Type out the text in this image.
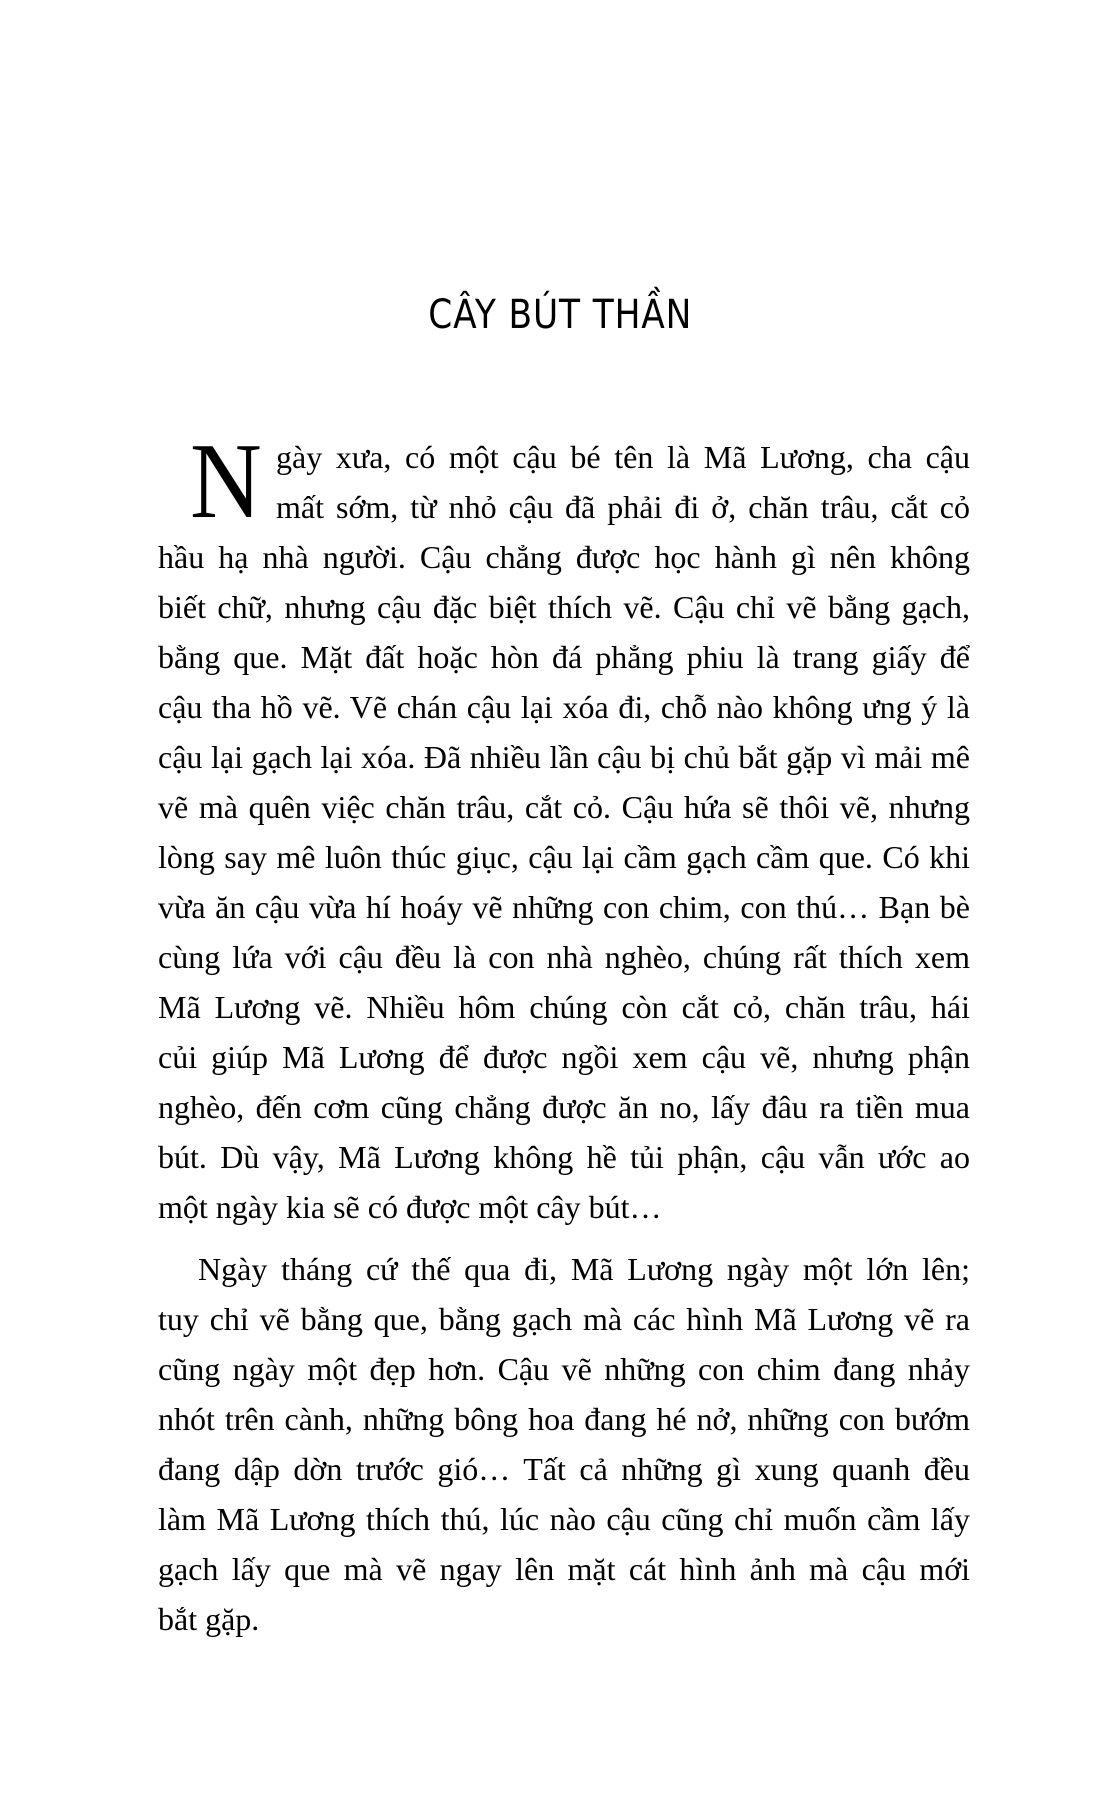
CÂY BÚT THẦN
N gày xưa, có một cậu bé tên là Mã Lương, cha cậu
mất sớm, từ nhỏ cậu đã phải đi ở, chăn trâu, cắt cỏ
hầu hạ nhà người. Cậu chẳng được học hành gì nên không
biết chữ, nhưng cậu đặc biệt thích vẽ. Cậu chỉ vẽ bằng gạch,
bằng que. Mặt đất hoặc hòn đá phẳng phiu là trang giấy để
cậu tha hồ vẽ. Vẽ chán cậu lại xóa đi, chỗ nào không ưng ý là
cậu lại gạch lại xóa. Đã nhiều lần cậu bị chủ bắt gặp vì mải mê
vẽ mà quên việc chăn trâu, cắt cỏ. Cậu hứa sẽ thôi vẽ, nhưng
lòng say mê luôn thúc giục, cậu lại cầm gạch cầm que. Có khi
vừa ăn cậu vừa hí hoáy vẽ những con chim, con thú… Bạn bè
cùng lứa với cậu đều là con nhà nghèo, chúng rất thích xem
Mã Lương vẽ. Nhiều hôm chúng còn cắt cỏ, chăn trâu, hái
củi giúp Mã Lương để được ngồi xem cậu vẽ, nhưng phận
nghèo, đến cơm cũng chẳng được ăn no, lấy đâu ra tiền mua
bút. Dù vậy, Mã Lương không hề tủi phận, cậu vẫn ước ao
một ngày kia sẽ có được một cây bút…
Ngày tháng cứ thế qua đi, Mã Lương ngày một lớn lên;
tuy chỉ vẽ bằng que, bằng gạch mà các hình Mã Lương vẽ ra
cũng ngày một đẹp hơn. Cậu vẽ những con chim đang nhảy
nhót trên cành, những bông hoa đang hé nở, những con bướm
đang dập dờn trước gió… Tất cả những gì xung quanh đều
làm Mã Lương thích thú, lúc nào cậu cũng chỉ muốn cầm lấy
gạch lấy que mà vẽ ngay lên mặt cát hình ảnh mà cậu mới
bắt gặp.
